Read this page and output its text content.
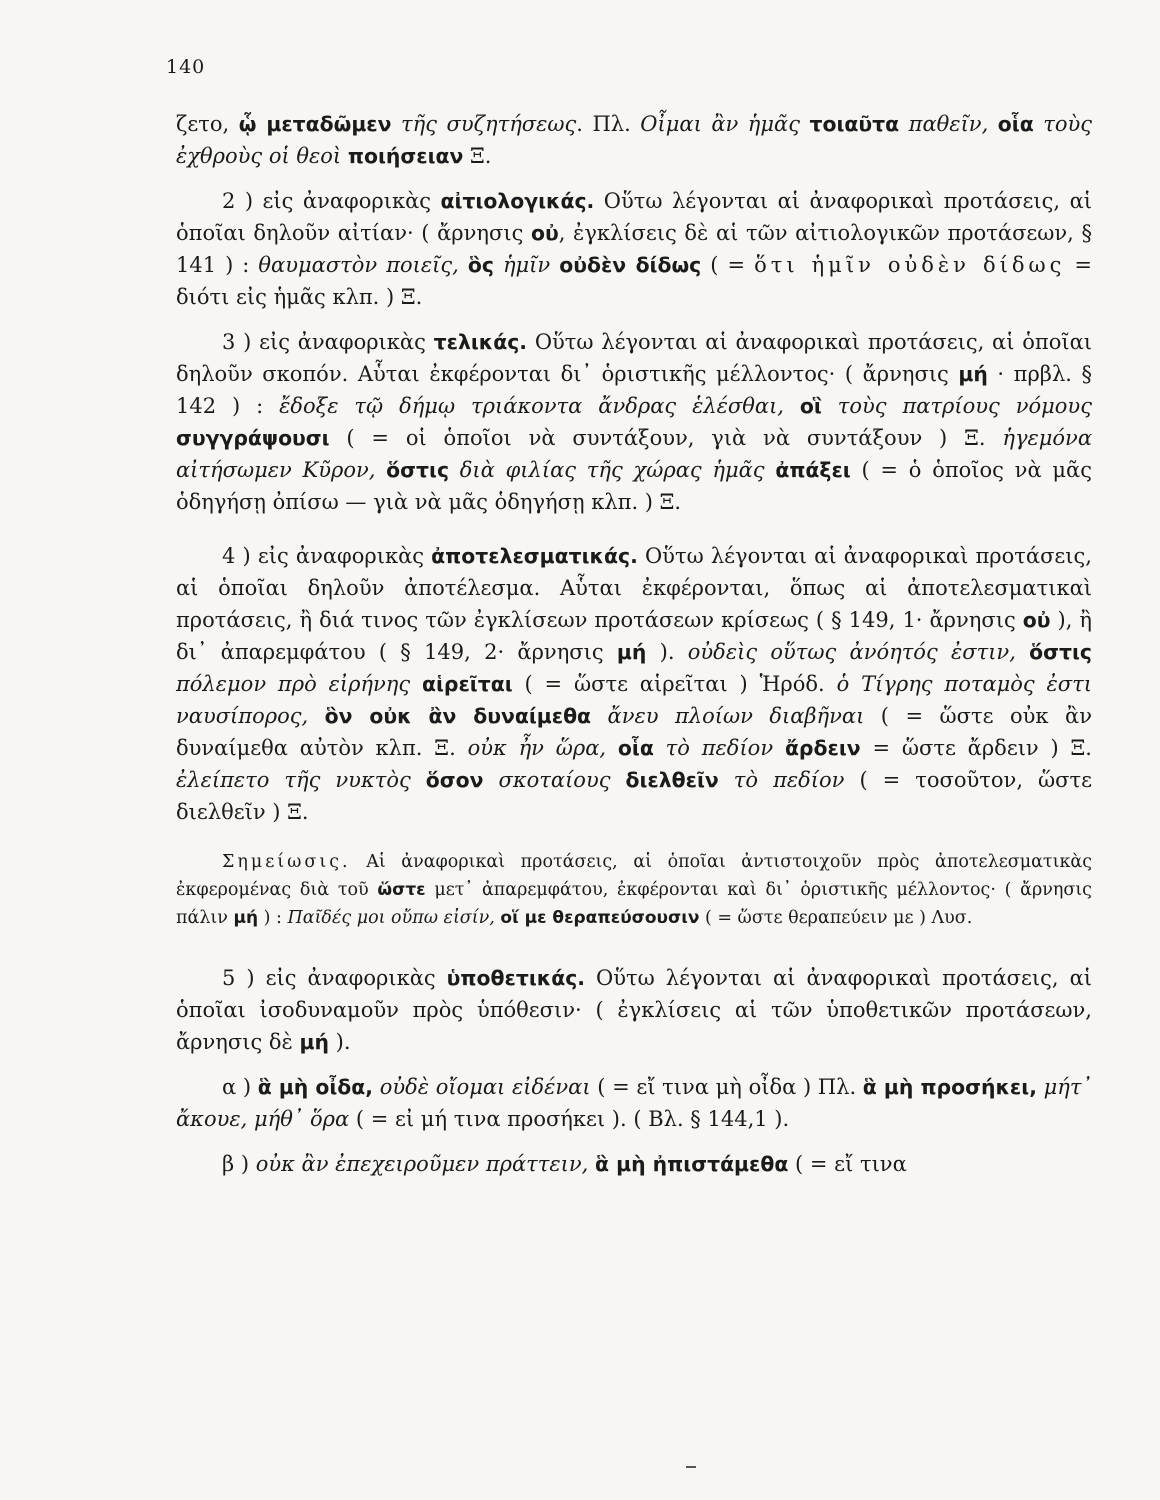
140

ζετο, ᾧ μεταδῶμεν τῆς συζητήσεως. Πλ. Οἶμαι ἂν ἡμᾶς τοιαῦτα παθεῖν, οἷα τοὺς ἐχθροὺς οἱ θεοὶ ποιήσειαν Ξ.

2 ) εἰς ἀναφορικὰς αἰτιολογικάς. Οὕτω λέγονται αἱ ἀναφορικαὶ προτάσεις, αἱ ὁποῖαι δηλοῦν αἰτίαν· ( ἄρνησις οὐ, ἐγκλίσεις δὲ αἱ τῶν αἰτιολογικῶν προτάσεων, § 141 ) : θαυμαστὸν ποιεῖς, ὃς ἡμῖν οὐδὲν δίδως ( = ὅτι ἡμῖν οὐδὲν δίδως = διότι εἰς ἡμᾶς κλπ. ) Ξ.

3 ) εἰς ἀναφορικὰς τελικάς. Οὕτω λέγονται αἱ ἀναφορικαὶ προτάσεις, αἱ ὁποῖαι δηλοῦν σκοπόν. Αὗται ἐκφέρονται δι᾽ ὁριστικῆς μέλλοντος· ( ἄρνησις μή · πρβλ. § 142 ) : ἔδοξε τῷ δήμῳ τριάκοντα ἄνδρας ἑλέσθαι, οἳ τοὺς πατρίους νόμους συγγράψουσι ( = οἱ ὁποῖοι νὰ συντάξουν, γιὰ νὰ συντάξουν ) Ξ. ἡγεμόνα αἰτήσωμεν Κῦρον, ὅστις διὰ φιλίας τῆς χώρας ἡμᾶς ἀπάξει ( = ὁ ὁποῖος νὰ μᾶς ὁδηγήσῃ ὀπίσω — γιὰ νὰ μᾶς ὁδηγήσῃ κλπ. ) Ξ.

4 ) εἰς ἀναφορικὰς ἀποτελεσματικάς. Οὕτω λέγονται αἱ ἀναφορικαὶ προτάσεις, αἱ ὁποῖαι δηλοῦν ἀποτέλεσμα. Αὗται ἐκφέρονται, ὅπως αἱ ἀποτελεσματικαὶ προτάσεις, ἢ διά τινος τῶν ἐγκλίσεων προτάσεων κρίσεως ( § 149, 1· ἄρνησις οὐ ), ἢ δι᾽ ἀπαρεμφάτου ( § 149, 2· ἄρνησις μή ). οὐδεὶς οὕτως ἀνόητός ἐστιν, ὅστις πόλεμον πρὸ εἰρήνης αἱρεῖται ( = ὥστε αἱρεῖται ) Ἡρόδ. ὁ Τίγρης ποταμὸς ἐστι ναυσίπορος, ὃν οὐκ ἂν δυναίμεθα ἄνευ πλοίων διαβῆναι ( = ὥστε οὐκ ἂν δυναίμεθα αὐτὸν κλπ. Ξ. οὐκ ἦν ὥρα, οἷα τὸ πεδίον ἄρδειν = ὥστε ἄρδειν ) Ξ. ἐλείπετο τῆς νυκτὸς ὅσον σκοταίους διελθεῖν τὸ πεδίον ( = τοσοῦτον, ὥστε διελθεῖν ) Ξ.

Σημείωσις. Αἱ ἀναφορικαὶ προτάσεις, αἱ ὁποῖαι ἀντιστοιχοῦν πρὸς ἀποτελεσματικὰς ἐκφερομένας διὰ τοῦ ὥστε μετ᾽ ἀπαρεμφάτου, ἐκφέρονται καὶ δι᾽ ὁριστικῆς μέλλοντος· ( ἄρνησις πάλιν μή ) : Παῖδές μοι οὔπω εἰσίν, οἵ με θεραπεύσουσιν ( = ὥστε θεραπεύειν με ) Λυσ.

5 ) εἰς ἀναφορικὰς ὑποθετικάς. Οὕτω λέγονται αἱ ἀναφορικαὶ προτάσεις, αἱ ὁποῖαι ἰσοδυναμοῦν πρὸς ὑπόθεσιν· ( ἐγκλίσεις αἱ τῶν ὑποθετικῶν προτάσεων, ἄρνησις δὲ μή ).

α ) ἃ μὴ οἶδα, οὐδὲ οἴομαι εἰδέναι ( = εἴ τινα μὴ οἶδα ) Πλ. ἃ μὴ προσήκει, μήτ᾽ ἄκουε, μήθ᾽ ὅρα ( = εἰ μή τινα προσήκει ). ( Βλ. § 144,1 ).

β ) οὐκ ἂν ἐπεχειροῦμεν πράττειν, ἃ μὴ ἠπιστάμεθα ( = εἴ τινα
